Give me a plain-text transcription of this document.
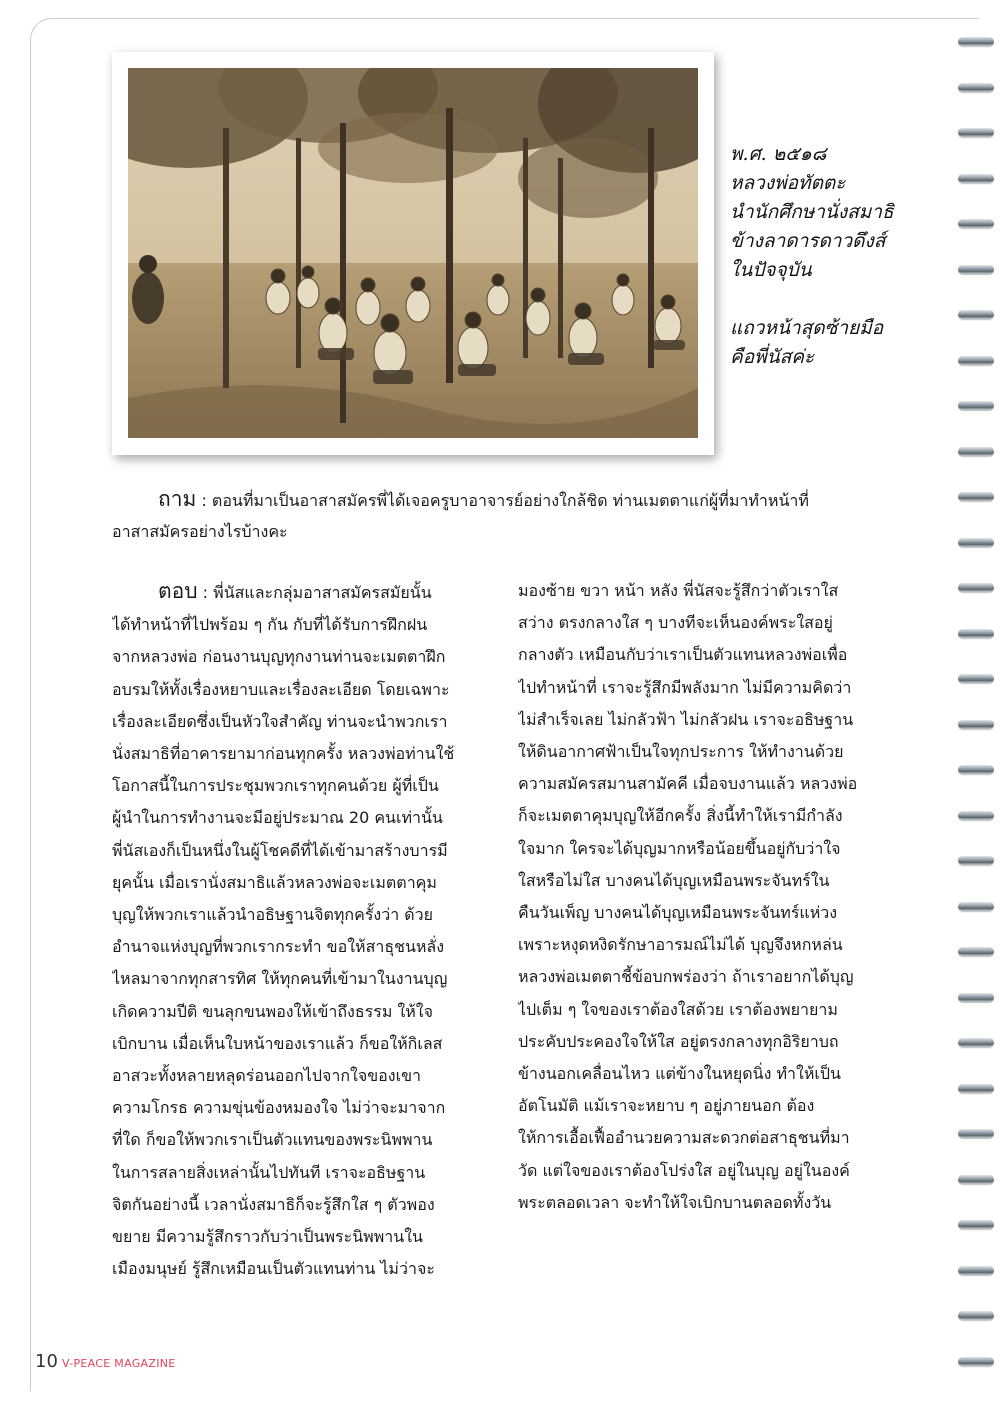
พ.ศ. ๒๕๑๘

หลวงพ่อทัตตะ

นำนักศึกษานั่งสมาธิ

ข้างลาดารดาวดึงส์

ในปัจจุบัน

แถวหน้าสุดซ้ายมือ

คือพี่นัสค่ะ

ถาม : ตอนที่มาเป็นอาสาสมัครพี่ได้เจอครูบาอาจารย์อย่างใกล้ชิด ท่านเมตตาแก่ผู้ที่มาทำหน้าที่
อาสาสมัครอย่างไรบ้างคะ
ตอบ : พี่นัสและกลุ่มอาสาสมัครสมัยนั้น
ได้ทำหน้าที่ไปพร้อม ๆ กัน กับที่ได้รับการฝึกฝน
จากหลวงพ่อ ก่อนงานบุญทุกงานท่านจะเมตตาฝึก
อบรมให้ทั้งเรื่องหยาบและเรื่องละเอียด โดยเฉพาะ
เรื่องละเอียดซึ่งเป็นหัวใจสำคัญ ท่านจะนำพวกเรา
นั่งสมาธิที่อาคารยามาก่อนทุกครั้ง หลวงพ่อท่านใช้
โอกาสนี้ในการประชุมพวกเราทุกคนด้วย ผู้ที่เป็น
ผู้นำในการทำงานจะมีอยู่ประมาณ 20 คนเท่านั้น
พี่นัสเองก็เป็นหนึ่งในผู้โชคดีที่ได้เข้ามาสร้างบารมี
ยุคนั้น เมื่อเรานั่งสมาธิแล้วหลวงพ่อจะเมตตาคุม
บุญให้พวกเราแล้วนำอธิษฐานจิตทุกครั้งว่า ด้วย
อำนาจแห่งบุญที่พวกเรากระทำ ขอให้สาธุชนหลั่ง
ไหลมาจากทุกสารทิศ ให้ทุกคนที่เข้ามาในงานบุญ
เกิดความปีติ ขนลุกขนพองให้เข้าถึงธรรม ให้ใจ
เบิกบาน เมื่อเห็นใบหน้าของเราแล้ว ก็ขอให้กิเลส
อาสวะทั้งหลายหลุดร่อนออกไปจากใจของเขา
ความโกรธ ความขุ่นข้องหมองใจ ไม่ว่าจะมาจาก
ที่ใด ก็ขอให้พวกเราเป็นตัวแทนของพระนิพพาน
ในการสลายสิ่งเหล่านั้นไปทันที เราจะอธิษฐาน
จิตกันอย่างนี้ เวลานั่งสมาธิก็จะรู้สึกใส ๆ ตัวพอง
ขยาย มีความรู้สึกราวกับว่าเป็นพระนิพพานใน
เมืองมนุษย์ รู้สึกเหมือนเป็นตัวแทนท่าน ไม่ว่าจะ
มองซ้าย ขวา หน้า หลัง พี่นัสจะรู้สึกว่าตัวเราใส
สว่าง ตรงกลางใส ๆ บางทีจะเห็นองค์พระใสอยู่
กลางตัว เหมือนกับว่าเราเป็นตัวแทนหลวงพ่อเพื่อ
ไปทำหน้าที่ เราจะรู้สึกมีพลังมาก ไม่มีความคิดว่า
ไม่สำเร็จเลย ไม่กลัวฟ้า ไม่กลัวฝน เราจะอธิษฐาน
ให้ดินอากาศฟ้าเป็นใจทุกประการ ให้ทำงานด้วย
ความสมัครสมานสามัคคี เมื่อจบงานแล้ว หลวงพ่อ
ก็จะเมตตาคุมบุญให้อีกครั้ง สิ่งนี้ทำให้เรามีกำลัง
ใจมาก ใครจะได้บุญมากหรือน้อยขึ้นอยู่กับว่าใจ
ใสหรือไม่ใส บางคนได้บุญเหมือนพระจันทร์ใน
คืนวันเพ็ญ บางคนได้บุญเหมือนพระจันทร์แห่วง
เพราะหงุดหงิดรักษาอารมณ์ไม่ได้ บุญจึงหกหล่น
หลวงพ่อเมตตาชี้ข้อบกพร่องว่า ถ้าเราอยากได้บุญ
ไปเต็ม ๆ ใจของเราต้องใสด้วย เราต้องพยายาม
ประคับประคองใจให้ใส อยู่ตรงกลางทุกอิริยาบถ
ข้างนอกเคลื่อนไหว แต่ข้างในหยุดนิ่ง ทำให้เป็น
อัตโนมัติ แม้เราจะหยาบ ๆ อยู่ภายนอก ต้อง
ให้การเอื้อเฟื้ออำนวยความสะดวกต่อสาธุชนที่มา
วัด แต่ใจของเราต้องโปร่งใส อยู่ในบุญ อยู่ในองค์
พระตลอดเวลา จะทำให้ใจเบิกบานตลอดทั้งวัน
10 V-PEACE MAGAZINE
